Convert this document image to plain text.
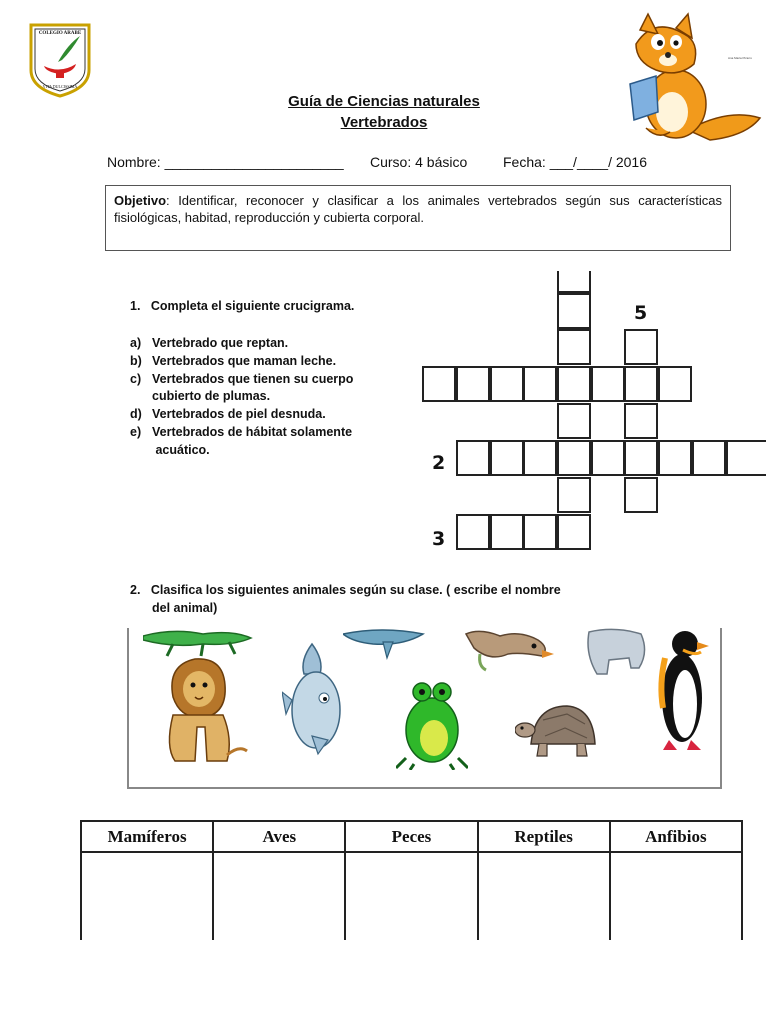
COLEGIO ARABE
VITA DULCISSIMA
Ana Maria Pizarro
Guía de Ciencias naturales
Vertebrados
Nombre: _______________________ Curso: 4 básico	Fecha: ___/____/ 2016
Objetivo: Identificar, reconocer y clasificar a los animales vertebrados según sus características fisiológicas, habitad, reproducción y cubierta corporal.
1. Completa el siguiente crucigrama.
a) Vertebrado que reptan.
b) Vertebrados que maman leche.
c) Vertebrados que tienen su cuerpo
cubierto de plumas.
d) Vertebrados de piel desnuda.
e) Vertebrados de hábitat solamente
acuático.
5
2
3
2. Clasifica los siguientes animales según su clase. ( escribe el nombre
del animal)
Mamíferos	Aves	Peces	Reptiles	Anfibios
